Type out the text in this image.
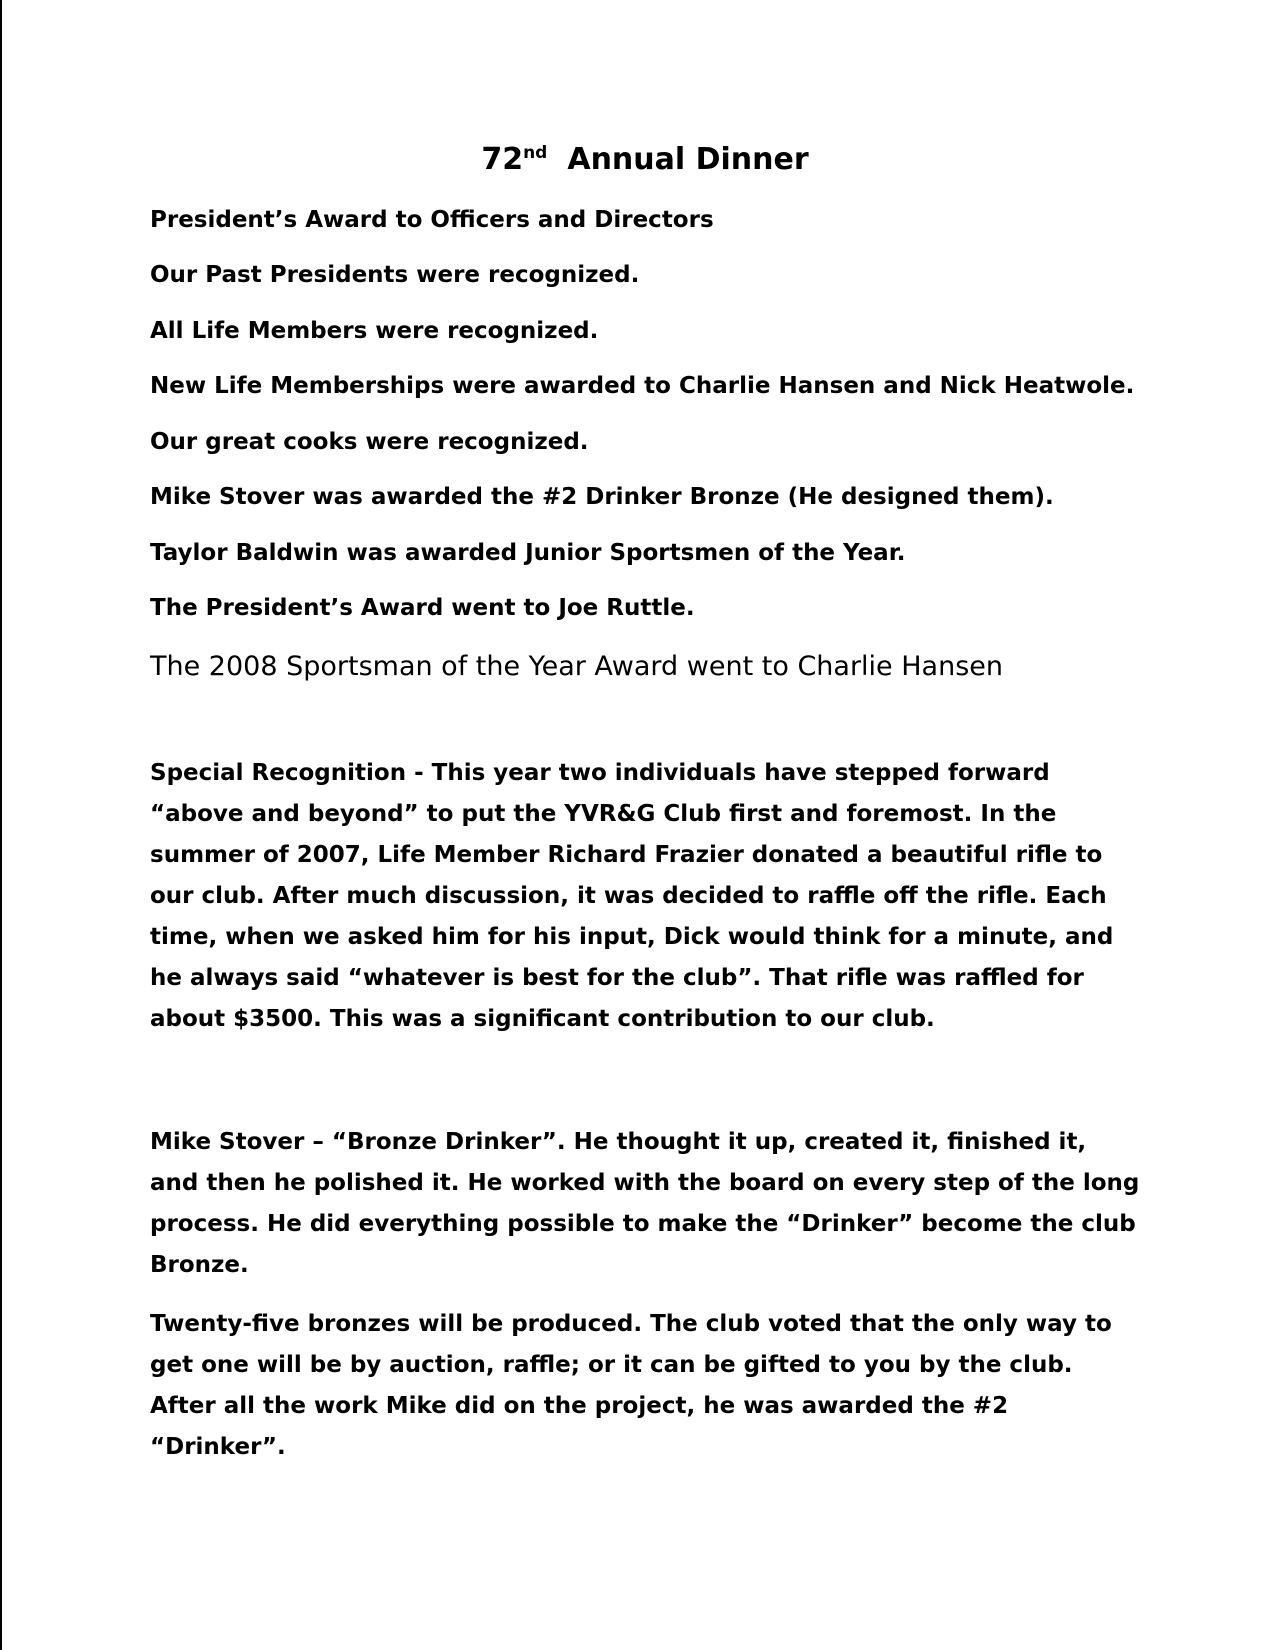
72nd Annual Dinner

President’s Award to Officers and Directors

Our Past Presidents were recognized.

All Life Members were recognized.

New Life Memberships were awarded to Charlie Hansen and Nick Heatwole.

Our great cooks were recognized.

Mike Stover was awarded the #2 Drinker Bronze (He designed them).

Taylor Baldwin was awarded Junior Sportsmen of the Year.

The President’s Award went to Joe Ruttle.

The 2008 Sportsman of the Year Award went to Charlie Hansen

Special Recognition - This year two individuals have stepped forward “above and beyond” to put the YVR&G Club first and foremost. In the summer of 2007, Life Member Richard Frazier donated a beautiful rifle to our club. After much discussion, it was decided to raffle off the rifle. Each time, when we asked him for his input, Dick would think for a minute, and he always said “whatever is best for the club”. That rifle was raffled for about $3500. This was a significant contribution to our club.

Mike Stover – “Bronze Drinker”. He thought it up, created it, finished it, and then he polished it. He worked with the board on every step of the long process. He did everything possible to make the “Drinker” become the club Bronze.

Twenty-five bronzes will be produced. The club voted that the only way to get one will be by auction, raffle; or it can be gifted to you by the club. After all the work Mike did on the project, he was awarded the #2 “Drinker”.
